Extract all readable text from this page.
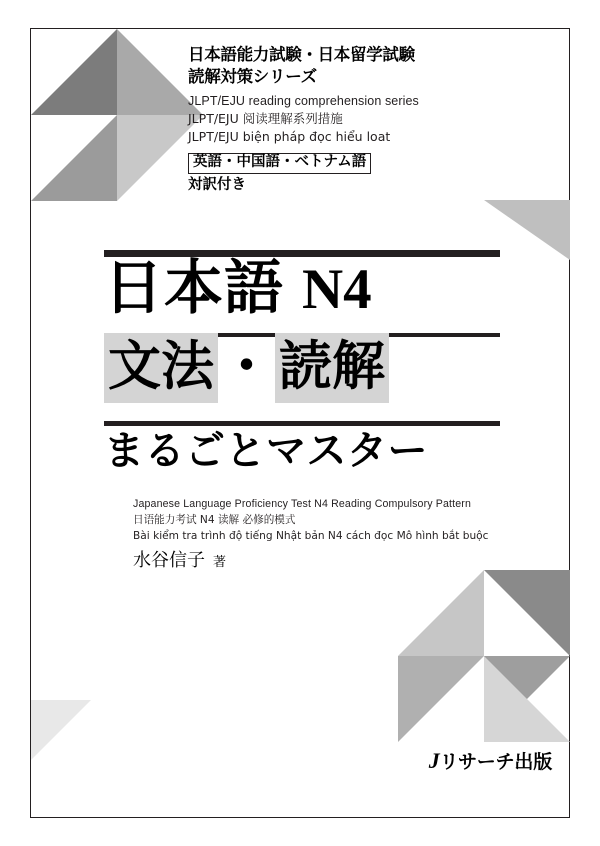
日本語能力試験・日本留学試験
読解対策シリーズ
JLPT/EJU reading comprehension series
JLPT/EJU 阅读理解系列措施
JLPT/EJU biện pháp đọc hiểu loat
英語・中国語・ベトナム語
対訳付き
日本語 N4
文法 ・ 読解
まるごとマスター
Japanese Language Proficiency Test N4 Reading Compulsory Pattern
日语能力考试 N4 读解 必修的模式
Bài kiểm tra trình độ tiếng Nhật bản N4 cách đọc Mô hình bắt buộc
水谷信子 著
Jリサーチ出版
